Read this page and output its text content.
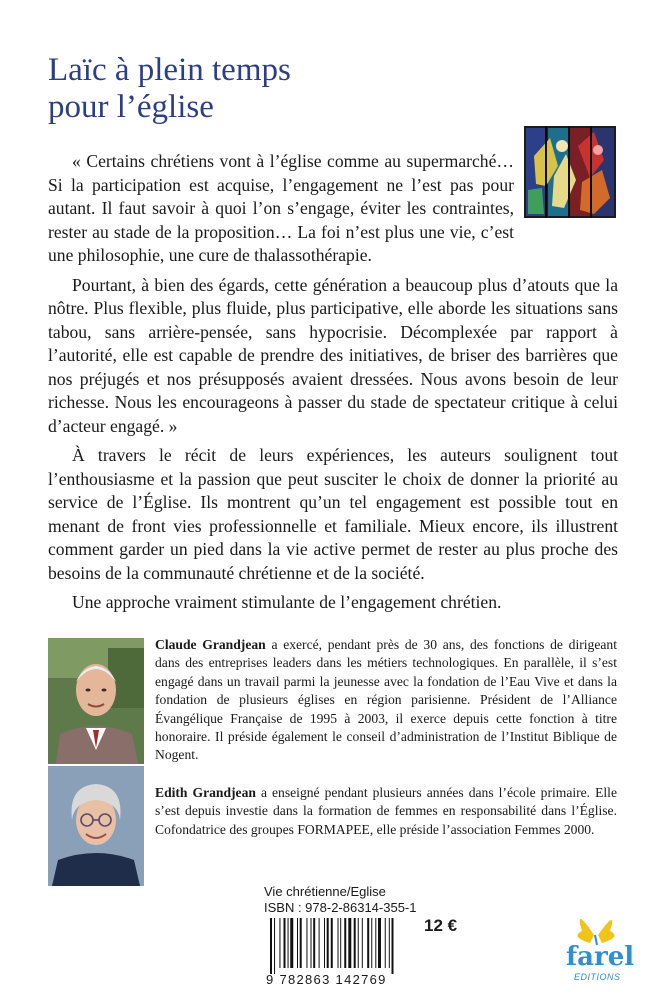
Laïc à plein temps
pour l’église

« Certains chrétiens vont à l’église comme au supermarché… Si la participation est acquise, l’engagement ne l’est pas pour autant. Il faut savoir à quoi l’on s’engage, éviter les contraintes, rester au stade de la proposition… La foi n’est plus une vie, c’est une philosophie, une cure de thalassothérapie.

Pourtant, à bien des égards, cette génération a beaucoup plus d’atouts que la nôtre. Plus flexible, plus fluide, plus participative, elle aborde les situations sans tabou, sans arrière-pensée, sans hypocrisie. Décomplexée par rapport à l’autorité, elle est capable de prendre des initiatives, de briser des barrières que nos préjugés et nos présupposés avaient dressées. Nous avons besoin de leur richesse. Nous les encourageons à passer du stade de spectateur critique à celui d’acteur engagé. »

À travers le récit de leurs expériences, les auteurs soulignent tout l’enthousiasme et la passion que peut susciter le choix de donner la priorité au service de l’Église. Ils montrent qu’un tel engagement est possible tout en menant de front vies professionnelle et familiale. Mieux encore, ils illustrent comment garder un pied dans la vie active permet de rester au plus proche des besoins de la communauté chrétienne et de la société.

Une approche vraiment stimulante de l’engagement chrétien.

Claude Grandjean a exercé, pendant près de 30 ans, des fonctions de dirigeant dans des entreprises leaders dans les métiers technologiques. En parallèle, il s’est engagé dans un travail parmi la jeunesse avec la fondation de l’Eau Vive et dans la fondation de plusieurs églises en région parisienne. Président de l’Alliance Évangélique Française de 1995 à 2003, il exerce depuis cette fonction à titre honoraire. Il préside également le conseil d’administration de l’Institut Biblique de Nogent.

Edith Grandjean a enseigné pendant plusieurs années dans l’école primaire. Elle s’est depuis investie dans la formation de femmes en responsabilité dans l’Église. Cofondatrice des groupes FORMAPEE, elle préside l’association Femmes 2000.

Vie chrétienne/Eglise
ISBN : 978-2-86314-355-1
9 782863 142769
12 €
farel
EDITIONS
